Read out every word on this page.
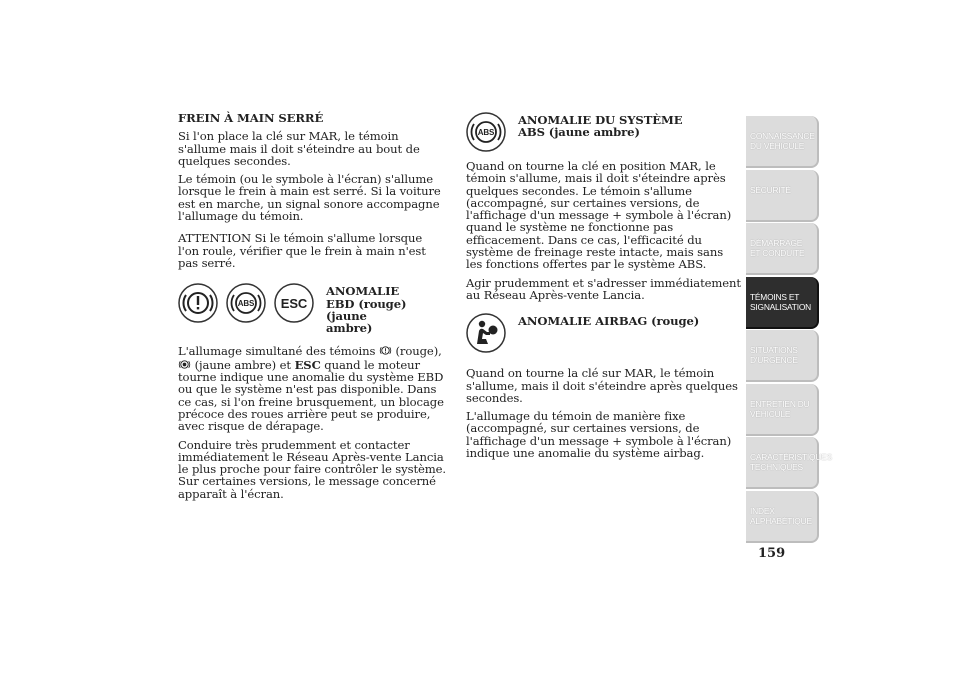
FREIN À MAIN SERRÉ

Si l'on place la clé sur MAR, le témoin s'allume mais il doit s'éteindre au bout de quelques secondes.

Le témoin (ou le symbole à l'écran) s'allume lorsque le frein à main est serré. Si la voiture est en marche, un signal sonore accompagne l'allumage du témoin.

ATTENTION Si le témoin s'allume lorsque l'on roule, vérifier que le frein à main n'est pas serré.

ABS ESC
ANOMALIE EBD (rouge) (jaune ambre)

L'allumage simultané des témoins (rouge),  (jaune ambre) et ESC quand le moteur tourne indique une anomalie du système EBD ou que le système n'est pas disponible. Dans ce cas, si l'on freine brusquement, un blocage précoce des roues arrière peut se produire, avec risque de dérapage.

Conduire très prudemment et contacter immédiatement le Réseau Après-vente Lancia le plus proche pour faire contrôler le système. Sur certaines versions, le message concerné apparaît à l'écran.

ABS
ANOMALIE DU SYSTÈME ABS (jaune ambre)

Quand on tourne la clé en position MAR, le témoin s'allume, mais il doit s'éteindre après quelques secondes. Le témoin s'allume (accompagné, sur certaines versions, de l'affichage d'un message + symbole à l'écran) quand le système ne fonctionne pas efficacement. Dans ce cas, l'efficacité du système de freinage reste intacte, mais sans les fonctions offertes par le système ABS.

Agir prudemment et s'adresser immédiatement au Réseau Après-vente Lancia.

ANOMALIE AIRBAG (rouge)

Quand on tourne la clé sur MAR, le témoin s'allume, mais il doit s'éteindre après quelques secondes.

L'allumage du témoin de manière fixe (accompagné, sur certaines versions, de l'affichage d'un message + symbole à l'écran) indique une anomalie du système airbag.

CONNAISSANCE DU VÉHICULE
SÉCURITÉ
DÉMARRAGE ET CONDUITE
TÉMOINS ET SIGNALISATION
SITUATIONS D'URGENCE
ENTRETIEN DU VÉHICULE
CARACTÉRISTIQUES TECHNIQUES
INDEX ALPHABÉTIQUE
159
